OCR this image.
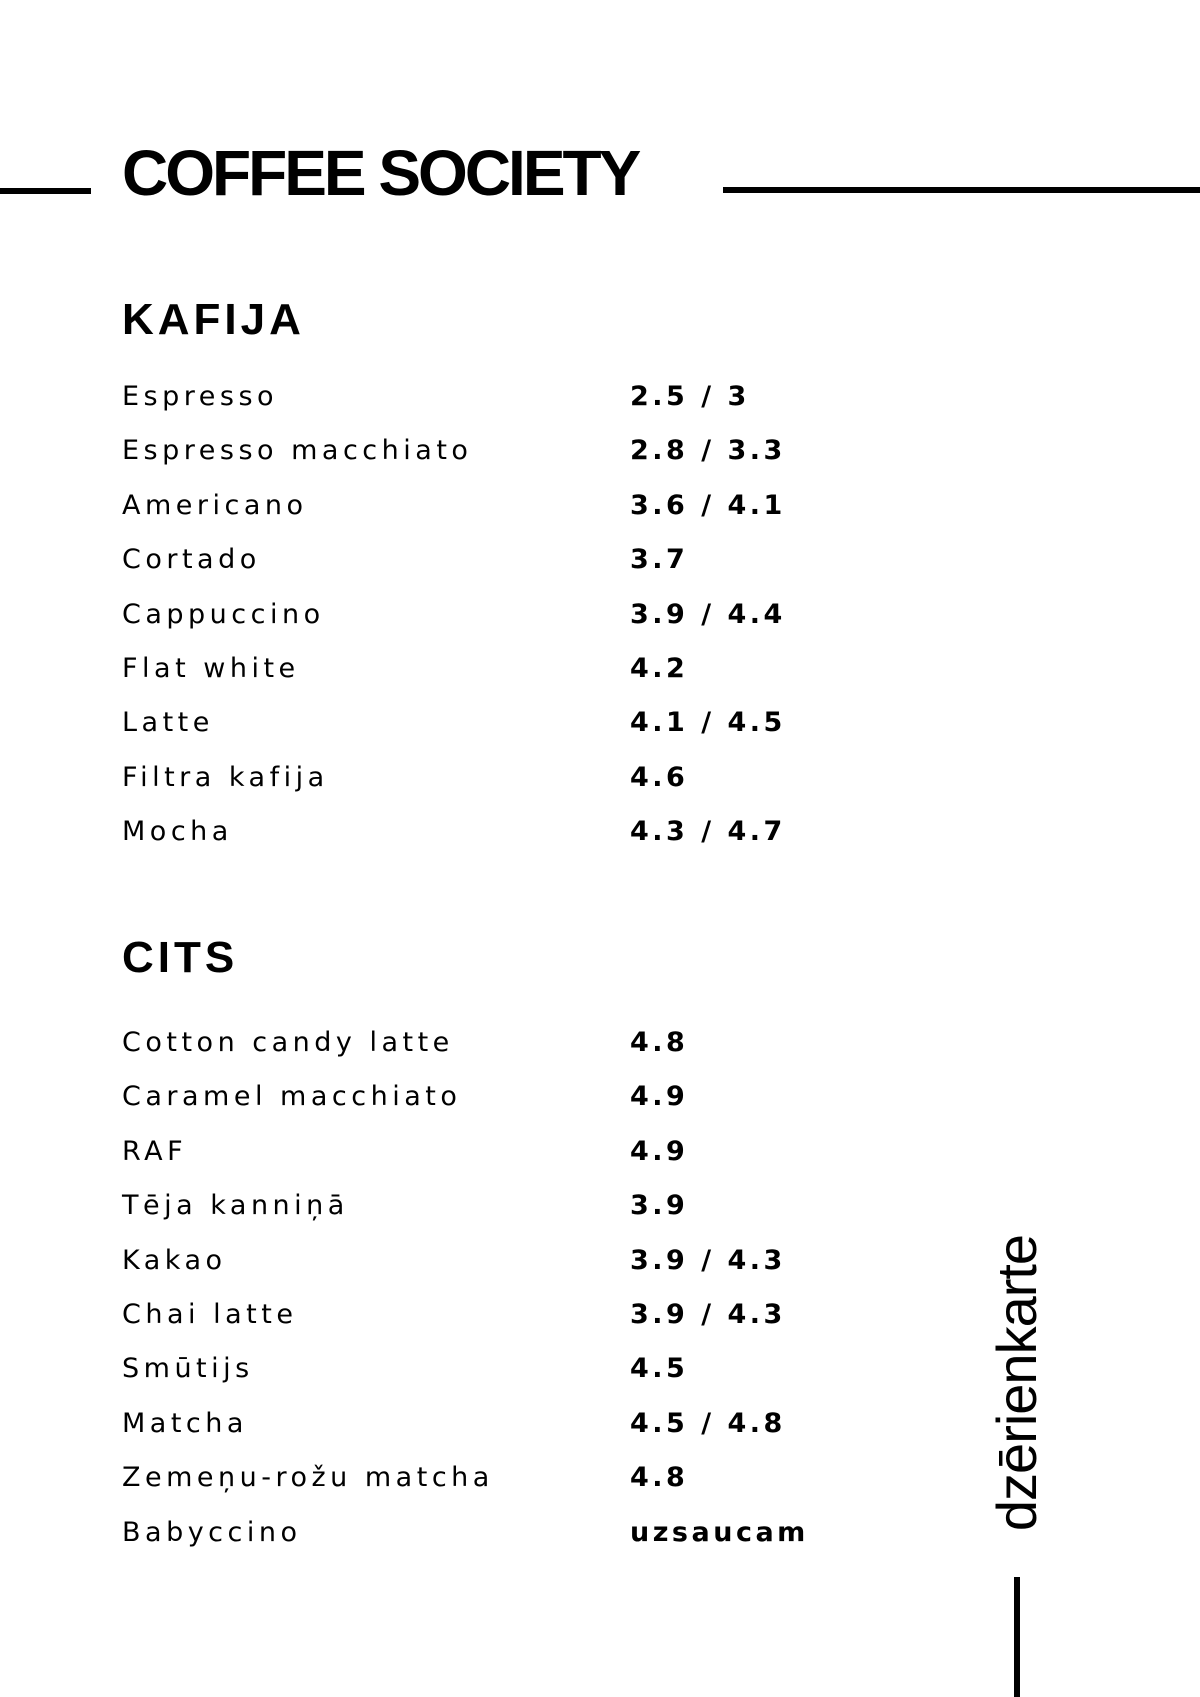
COFFEE SOCIETY
KAFIJA
Espresso	2.5 / 3
Espresso macchiato	2.8 / 3.3
Americano	3.6 / 4.1
Cortado	3.7
Cappuccino	3.9 / 4.4
Flat white	4.2
Latte	4.1 / 4.5
Filtra kafija	4.6
Mocha	4.3 / 4.7
CITS
Cotton candy latte	4.8
Caramel macchiato	4.9
RAF	4.9
Tēja kanniņā	3.9
Kakao	3.9 / 4.3
Chai latte	3.9 / 4.3
Smūtijs	4.5
Matcha	4.5 / 4.8
Zemeņu-rožu matcha	4.8
Babyccino	uzsaucam
dzērienkarte
